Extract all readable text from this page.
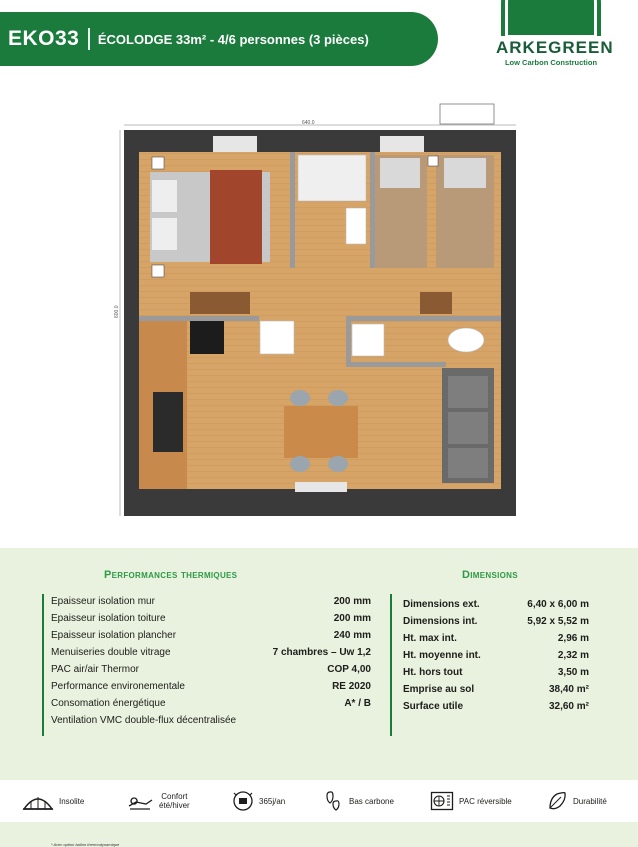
EKO33 ÉCOLODGE 33m² - 4/6 personnes (3 pièces)	ARKEGREEN
Low Carbon Construction
640.0
600.0
Performances thermiques	Dimensions
Epaisseur isolation mur	200 mm
Epaisseur isolation toiture	200 mm
Epaisseur isolation plancher	240 mm
Menuiseries double vitrage	7 chambres – Uw 1,2
PAC air/air Thermor	COP 4,00
Performance environementale	RE 2020
Consomation énergétique	A* / B
Ventilation VMC double-flux décentralisée
Dimensions ext.	6,40 x 6,00 m
Dimensions int.	5,92 x 5,52 m
Ht. max int.	2,96 m
Ht. moyenne int.	2,32 m
Ht. hors tout	3,50 m
Emprise au sol	38,40 m²
Surface utile	32,60 m²
Insolite	Confort
été/hiver	365j/an	Bas carbone	PAC réversible	Durabilité
* Avec option ballon thermodynamique
